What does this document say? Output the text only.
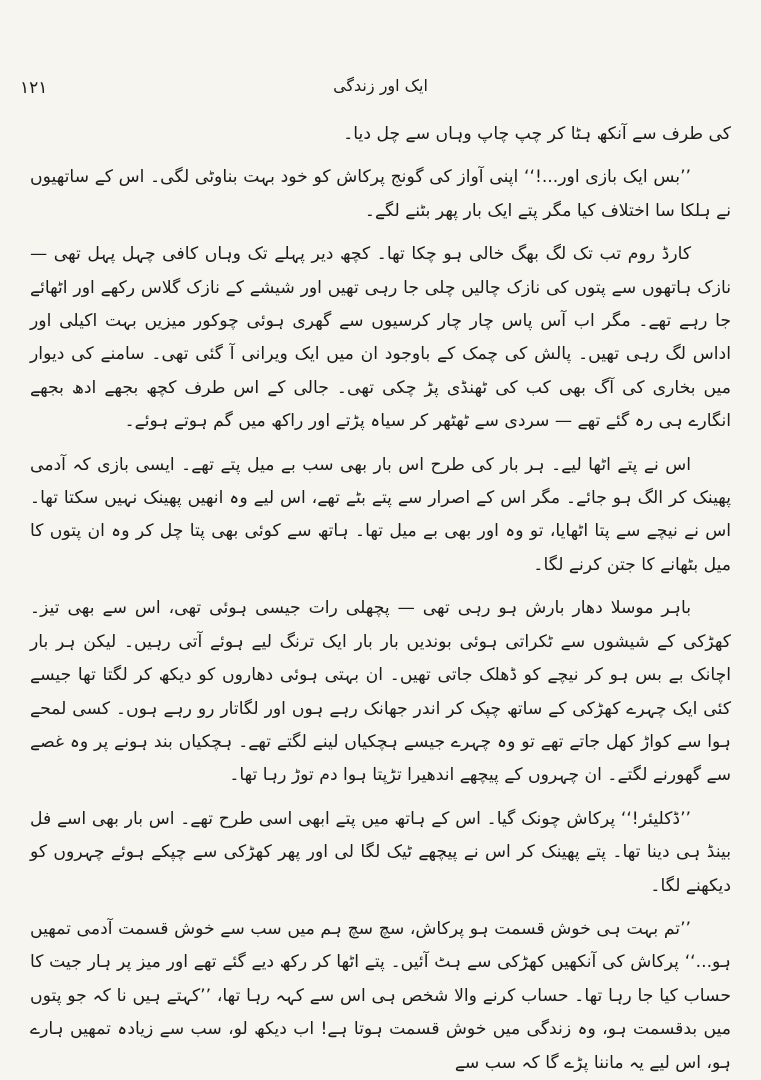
۱۲۱	ایک اور زندگی

کی طرف سے آنکھ ہٹا کر چپ چاپ وہاں سے چل دیا۔

’’بس ایک بازی اور...!‘‘ اپنی آواز کی گونج پرکاش کو خود بہت بناوٹی لگی۔ اس کے ساتھیوں نے ہلکا سا اختلاف کیا مگر پتے ایک بار پھر بٹنے لگے۔

کارڈ روم تب تک لگ بھگ خالی ہو چکا تھا۔ کچھ دیر پہلے تک وہاں کافی چہل پہل تھی — نازک ہاتھوں سے پتوں کی نازک چالیں چلی جا رہی تھیں اور شیشے کے نازک گلاس رکھے اور اٹھائے جا رہے تھے۔ مگر اب آس پاس چار چار کرسیوں سے گھری ہوئی چوکور میزیں بہت اکیلی اور اداس لگ رہی تھیں۔ پالش کی چمک کے باوجود ان میں ایک ویرانی آ گئی تھی۔ سامنے کی دیوار میں بخاری کی آگ بھی کب کی ٹھنڈی پڑ چکی تھی۔ جالی کے اس طرف کچھ بجھے ادھ بجھے انگارے ہی رہ گئے تھے — سردی سے ٹھٹھر کر سیاہ پڑتے اور راکھ میں گم ہوتے ہوئے۔

اس نے پتے اٹھا لیے۔ ہر بار کی طرح اس بار بھی سب بے میل پتے تھے۔ ایسی بازی کہ آدمی پھینک کر الگ ہو جائے۔ مگر اس کے اصرار سے پتے بٹے تھے، اس لیے وہ انھیں پھینک نہیں سکتا تھا۔ اس نے نیچے سے پتا اٹھایا، تو وہ اور بھی بے میل تھا۔ ہاتھ سے کوئی بھی پتا چل کر وہ ان پتوں کا میل بٹھانے کا جتن کرنے لگا۔

باہر موسلا دھار بارش ہو رہی تھی — پچھلی رات جیسی ہوئی تھی، اس سے بھی تیز۔ کھڑکی کے شیشوں سے ٹکراتی ہوئی بوندیں بار بار ایک ترنگ لیے ہوئے آتی رہیں۔ لیکن ہر بار اچانک بے بس ہو کر نیچے کو ڈھلک جاتی تھیں۔ ان بہتی ہوئی دھاروں کو دیکھ کر لگتا تھا جیسے کئی ایک چہرے کھڑکی کے ساتھ چپک کر اندر جھانک رہے ہوں اور لگاتار رو رہے ہوں۔ کسی لمحے ہوا سے کواڑ کھل جاتے تھے تو وہ چہرے جیسے ہچکیاں لینے لگتے تھے۔ ہچکیاں بند ہونے پر وہ غصے سے گھورنے لگتے۔ ان چہروں کے پیچھے اندھیرا تڑپتا ہوا دم توڑ رہا تھا۔

’’ڈکلیئر!‘‘ پرکاش چونک گیا۔ اس کے ہاتھ میں پتے ابھی اسی طرح تھے۔ اس بار بھی اسے فل بینڈ ہی دینا تھا۔ پتے پھینک کر اس نے پیچھے ٹیک لگا لی اور پھر کھڑکی سے چپکے ہوئے چہروں کو دیکھنے لگا۔

’’تم بہت ہی خوش قسمت ہو پرکاش، سچ سچ ہم میں سب سے خوش قسمت آدمی تمھیں ہو...‘‘ پرکاش کی آنکھیں کھڑکی سے ہٹ آئیں۔ پتے اٹھا کر رکھ دیے گئے تھے اور میز پر ہار جیت کا حساب کیا جا رہا تھا۔ حساب کرنے والا شخص ہی اس سے کہہ رہا تھا، ’’کہتے ہیں نا کہ جو پتوں میں بدقسمت ہو، وہ زندگی میں خوش قسمت ہوتا ہے! اب دیکھ لو، سب سے زیادہ تمھیں ہارے ہو، اس لیے یہ ماننا پڑے گا کہ سب سے
